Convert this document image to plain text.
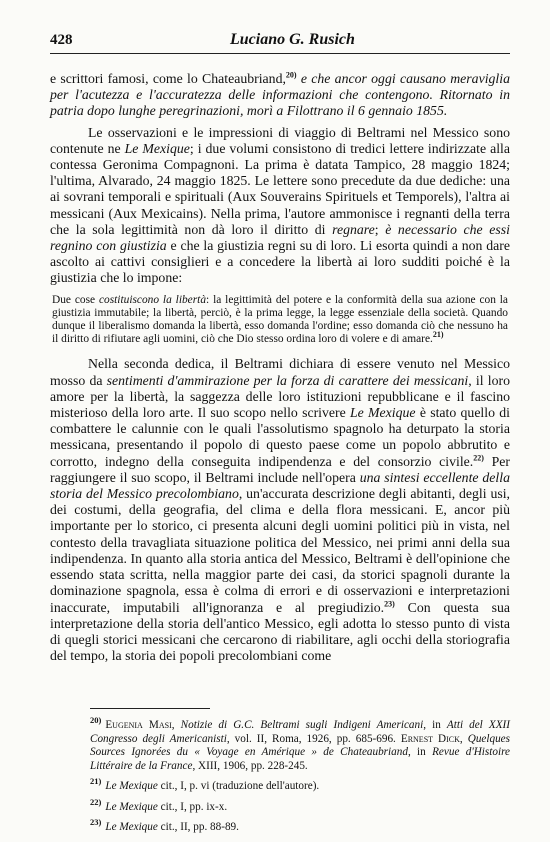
428	Luciano G. Rusich

e scrittori famosi, come lo Chateaubriand,$^{20)}$ e che ancor oggi causano meraviglia per l'acutezza e l'accuratezza delle informazioni che contengono. Ritornato in patria dopo lunghe peregrinazioni, morì a Filottrano il 6 gennaio 1855.

Le osservazioni e le impressioni di viaggio di Beltrami nel Messico sono contenute ne Le Mexique; i due volumi consistono di tredici lettere indirizzate alla contessa Geronima Compagnoni. La prima è datata Tampico, 28 maggio 1824; l'ultima, Alvarado, 24 maggio 1825. Le lettere sono precedute da due dediche: una ai sovrani temporali e spirituali (Aux Souverains Spirituels et Temporels), l'altra ai messicani (Aux Mexicains). Nella prima, l'autore ammonisce i regnanti della terra che la sola legittimità non dà loro il diritto di regnare; è necessario che essi regnino con giustizia e che la giustizia regni su di loro. Li esorta quindi a non dare ascolto ai cattivi consiglieri e a concedere la libertà ai loro sudditi poiché è la giustizia che lo impone:

Due cose costituiscono la libertà: la legittimità del potere e la conformità della sua azione con la giustizia immutabile; la libertà, perciò, è la prima legge, la legge essenziale della società. Quando dunque il liberalismo domanda la libertà, esso domanda l'ordine; esso domanda ciò che nessuno ha il diritto di rifiutare agli uomini, ciò che Dio stesso ordina loro di volere e di amare.$^{21)}$

Nella seconda dedica, il Beltrami dichiara di essere venuto nel Messico mosso da sentimenti d'ammirazione per la forza di carattere dei messicani, il loro amore per la libertà, la saggezza delle loro istituzioni repubblicane e il fascino misterioso della loro arte. Il suo scopo nello scrivere Le Mexique è stato quello di combattere le calunnie con le quali l'assolutismo spagnolo ha deturpato la storia messicana, presentando il popolo di questo paese come un popolo abbrutito e corrotto, indegno della conseguita indipendenza e del consorzio civile.$^{22)}$ Per raggiungere il suo scopo, il Beltrami include nell'opera una sintesi eccellente della storia del Messico precolombiano, un'accurata descrizione degli abitanti, degli usi, dei costumi, della geografia, del clima e della flora messicani. E, ancor più importante per lo storico, ci presenta alcuni degli uomini politici più in vista, nel contesto della travagliata situazione politica del Messico, nei primi anni della sua indipendenza. In quanto alla storia antica del Messico, Beltrami è dell'opinione che essendo stata scritta, nella maggior parte dei casi, da storici spagnoli durante la dominazione spagnola, essa è colma di errori e di osservazioni e interpretazioni inaccurate, imputabili all'ignoranza e al pregiudizio.$^{23)}$ Con questa sua interpretazione della storia dell'antico Messico, egli adotta lo stesso punto di vista di quegli storici messicani che cercarono di riabilitare, agli occhi della storiografia del tempo, la storia dei popoli precolombiani come

$^{20)}$ Eugenia Masi, Notizie di G.C. Beltrami sugli Indigeni Americani, in Atti del XXII Congresso degli Americanisti, vol. II, Roma, 1926, pp. 685-696. Ernest Dick, Quelques Sources Ignorées du « Voyage en Amérique » de Chateaubriand, in Revue d'Histoire Littéraire de la France, XIII, 1906, pp. 228-245.

$^{21)}$ Le Mexique cit., I, p. vi (traduzione dell'autore).

$^{22)}$ Le Mexique cit., I, pp. ix-x.

$^{23)}$ Le Mexique cit., II, pp. 88-89.
